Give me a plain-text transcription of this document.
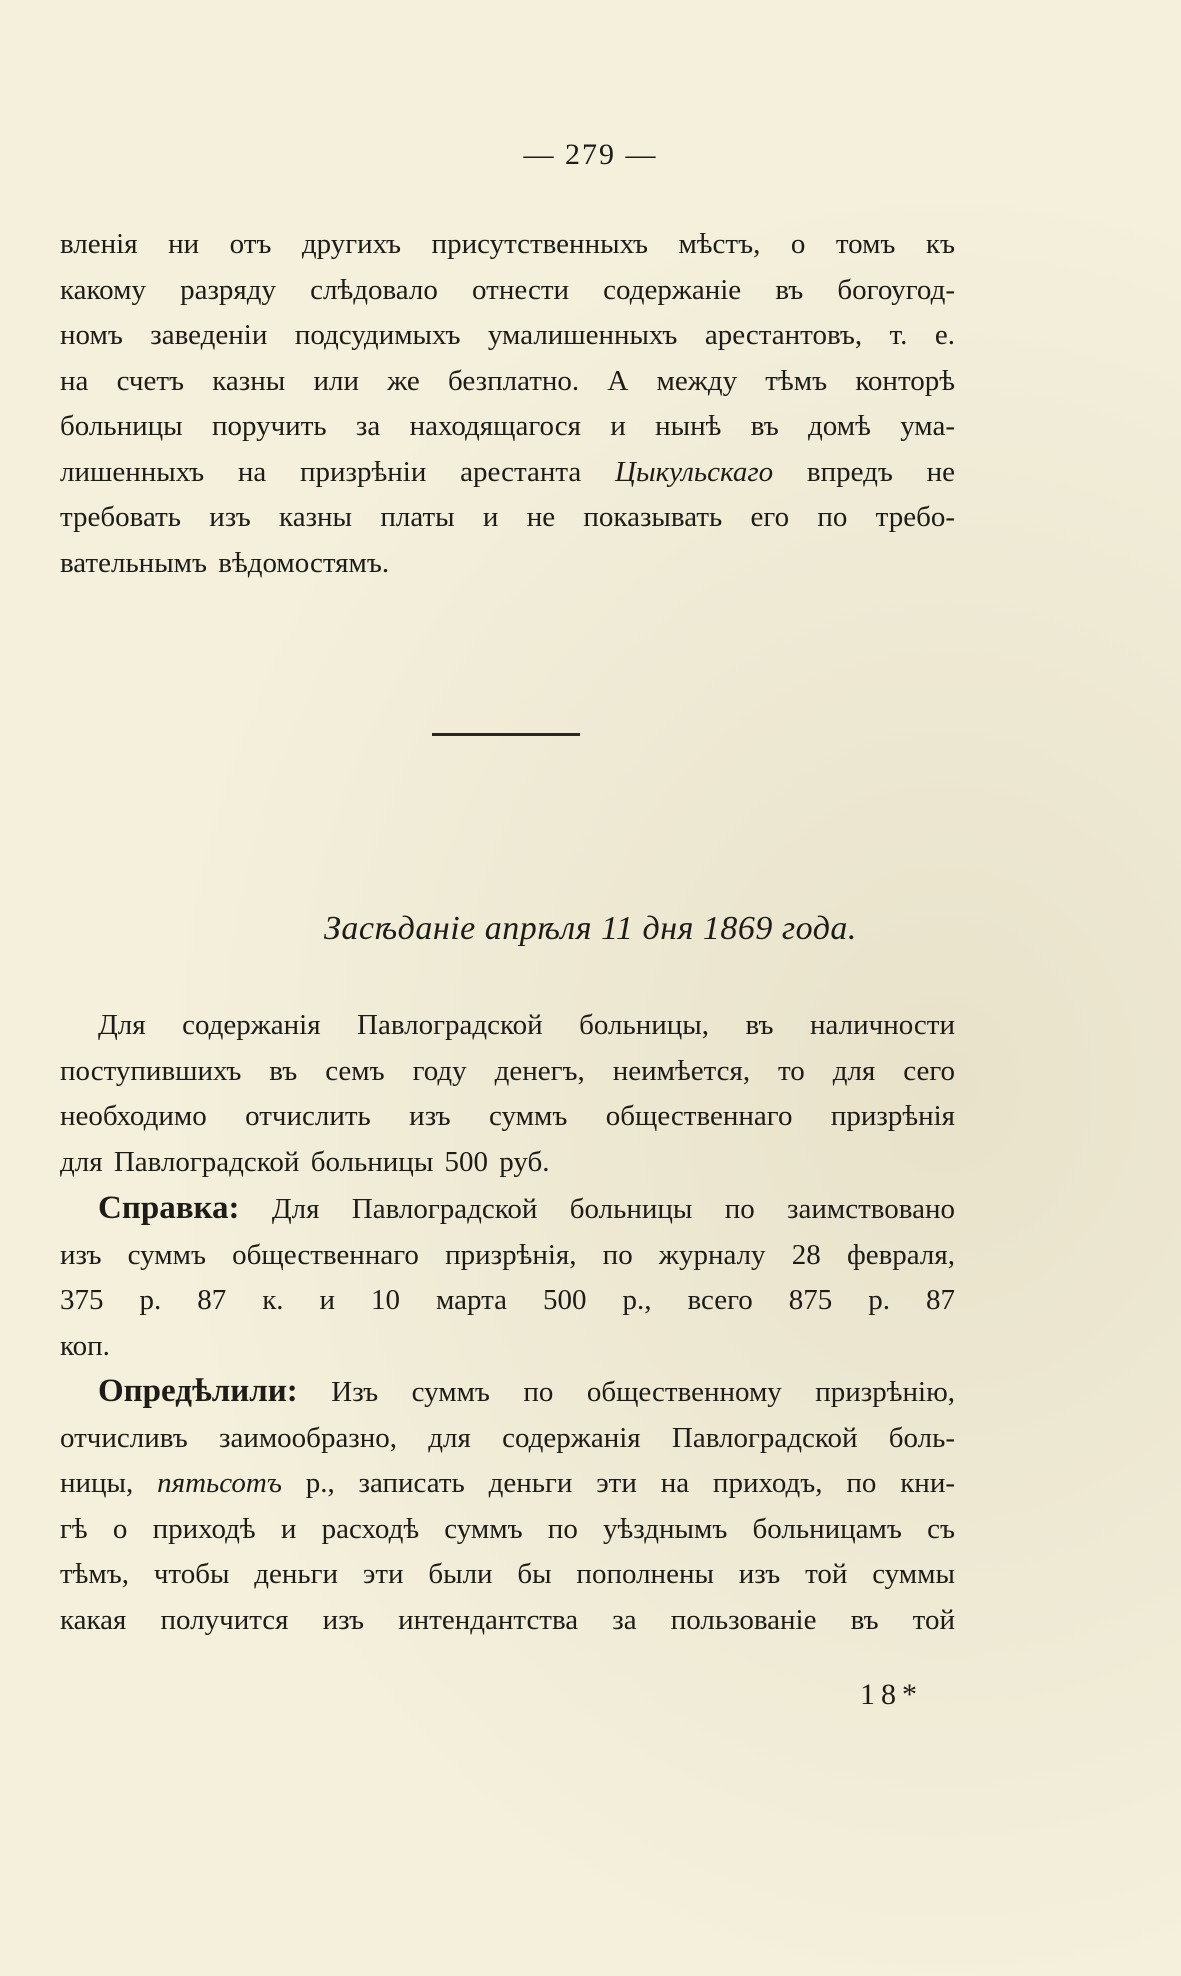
— 279 —
вленія ни отъ другихъ присутственныхъ мѣстъ, о томъ къ
какому разряду слѣдовало отнести содержаніе въ богоугод-
номъ заведеніи подсудимыхъ умалишенныхъ арестантовъ, т. е.
на счетъ казны или же безплатно. А между тѣмъ конторѣ
больницы поручить за находящагося и нынѣ въ домѣ ума-
лишенныхъ на призрѣніи арестанта Цыкульскаго впредъ не
требовать изъ казны платы и не показывать его по требо-
вательнымъ вѣдомостямъ.
Засѣданіе апрѣля 11 дня 1869 года.
Для содержанія Павлоградской больницы, въ наличности
поступившихъ въ семъ году денегъ, неимѣется, то для сего
необходимо отчислить изъ суммъ общественнаго призрѣнія
для Павлоградской больницы 500 руб.
Справка: Для Павлоградской больницы по заимствовано
изъ суммъ общественнаго призрѣнія, по журналу 28 февраля,
375 р. 87 к. и 10 марта 500 р., всего 875 р. 87
коп.
Опредѣлили: Изъ суммъ по общественному призрѣнію,
отчисливъ заимообразно, для содержанія Павлоградской боль-
ницы, пятьсотъ р., записать деньги эти на приходъ, по кни-
гѣ о приходѣ и расходѣ суммъ по уѣзднымъ больницамъ съ
тѣмъ, чтобы деньги эти были бы пополнены изъ той суммы
какая получится изъ интендантства за пользованіе въ той
18*
